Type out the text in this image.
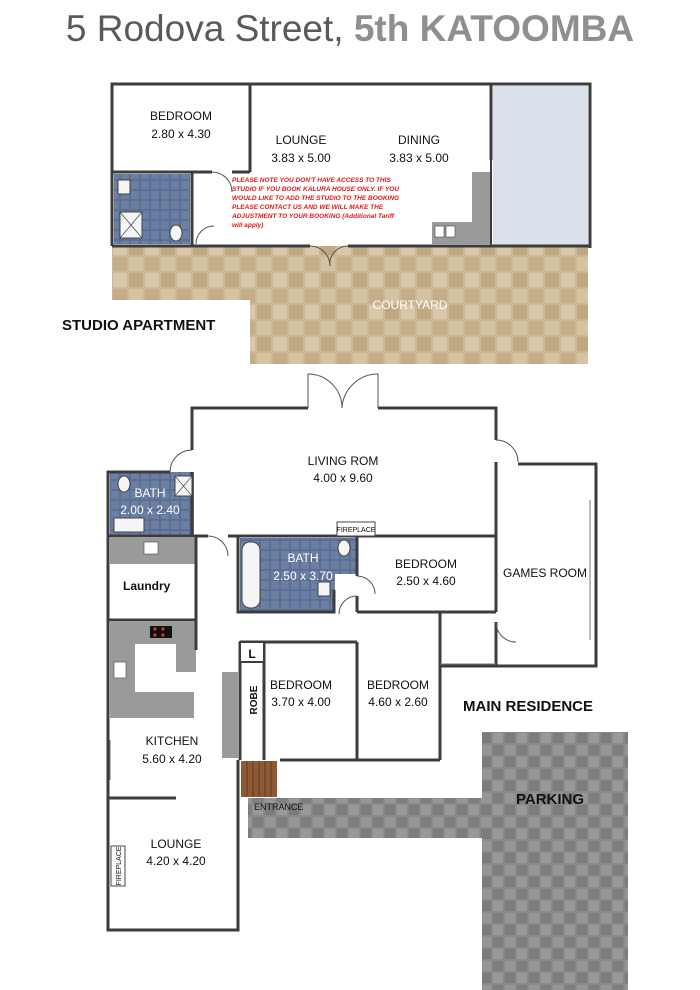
5 Rodova Street, 5th KATOOMBA
BEDROOM
2.80 x 4.30	LOUNGE
3.83 x 5.00
DINING
3.83 x 5.00
COURTYARD
PLEASE NOTE YOU DON'T HAVE ACCESS TO THIS
STUDIO IF YOU BOOK KALURA HOUSE ONLY. IF YOU
WOULD LIKE TO ADD THE STUDIO TO THE BOOKING
PLEASE CONTACT US AND WE WILL MAKE THE
ADJUSTMENT TO YOUR BOOKING (Additional Tariff
will apply)
STUDIO APARTMENT
LIVING ROM
4.00 x 9.60
BATH
2.00 x 2.40
BATH
2.50 x 3.70
BEDROOM
2.50 x 4.60
GAMES ROOM
BEDROOM
3.70 x 4.00
BEDROOM
4.60 x 2.60
KITCHEN
5.60 x 4.20
LOUNGE
4.20 x 4.20
Laundry
L
ROBE
FIREPLACE
FIREPLACE
ENTRANCE
MAIN RESIDENCE
PARKING
